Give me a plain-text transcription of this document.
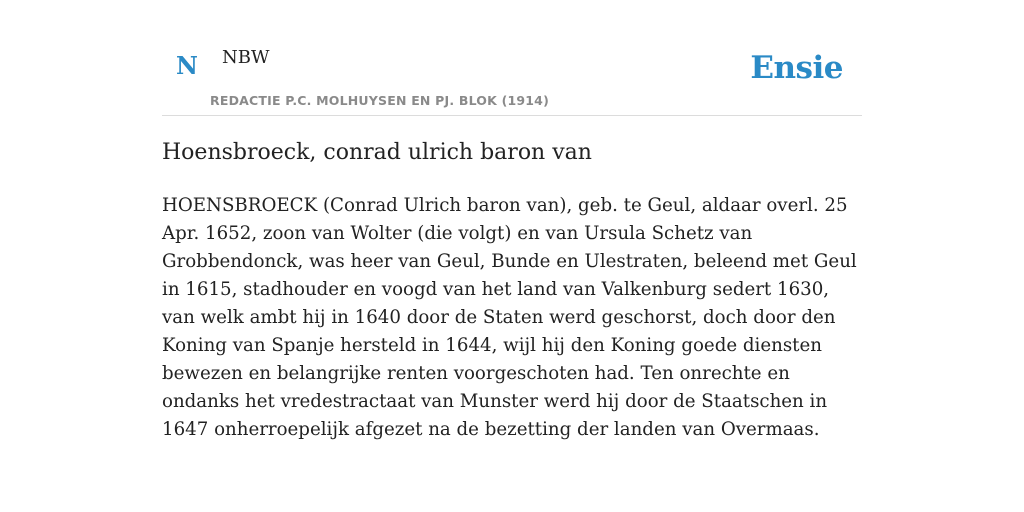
N NBW
REDACTIE P.C. MOLHUYSEN EN PJ. BLOK (1914)
Ensie
Hoensbroeck, conrad ulrich baron van

HOENSBROECK (Conrad Ulrich baron van), geb. te Geul, aldaar overl. 25 Apr. 1652, zoon van Wolter (die volgt) en van Ursula Schetz van Grobbendonck, was heer van Geul, Bunde en Ulestraten, beleend met Geul in 1615, stadhouder en voogd van het land van Valkenburg sedert 1630, van welk ambt hij in 1640 door de Staten werd geschorst, doch door den Koning van Spanje hersteld in 1644, wijl hij den Koning goede diensten bewezen en belangrijke renten voorgeschoten had. Ten onrechte en ondanks het vredestractaat van Munster werd hij door de Staatschen in 1647 onherroepelijk afgezet na de bezetting der landen van Overmaas.
